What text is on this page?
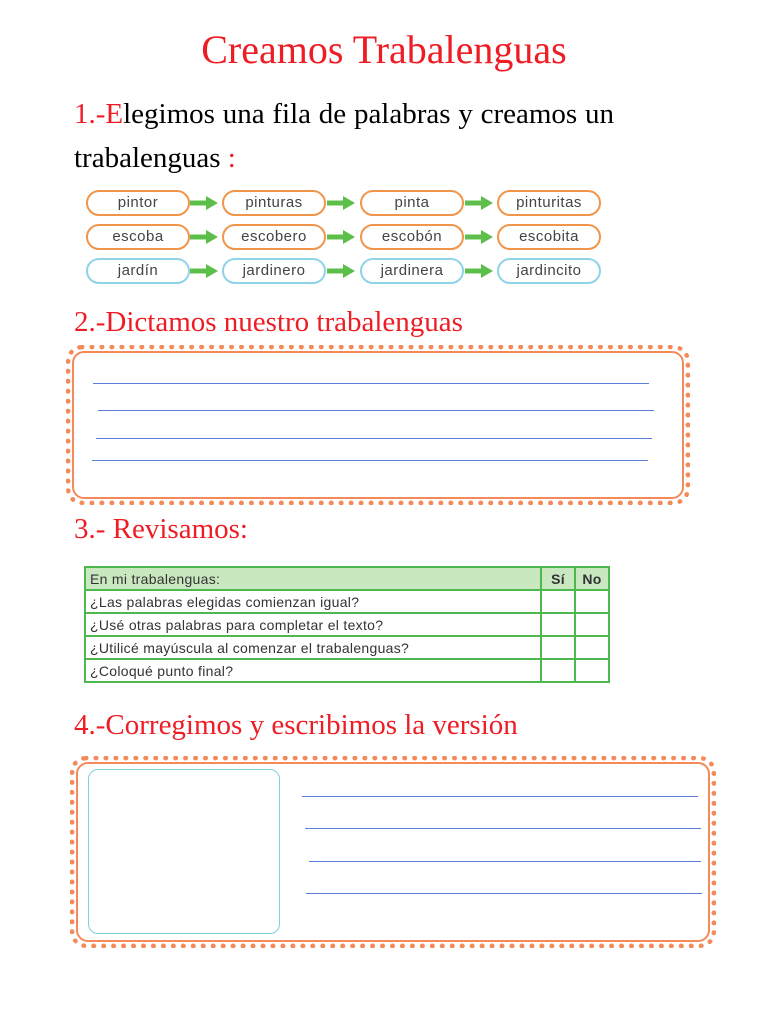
Creamos Trabalenguas
1.-Elegimos una fila de palabras y creamos un trabalenguas :
pintor	pinturas	pinta	pinturitas
escoba	escobero	escobón	escobita
jardín	jardinero	jardinera	jardincito
2.-Dictamos nuestro trabalenguas
3.- Revisamos:
En mi trabalenguas:	Sí	No
¿Las palabras elegidas comienzan igual?		
¿Usé otras palabras para completar el texto?		
¿Utilicé mayúscula al comenzar el trabalenguas?		
¿Coloqué punto final?		
4.-Corregimos y escribimos la versión
